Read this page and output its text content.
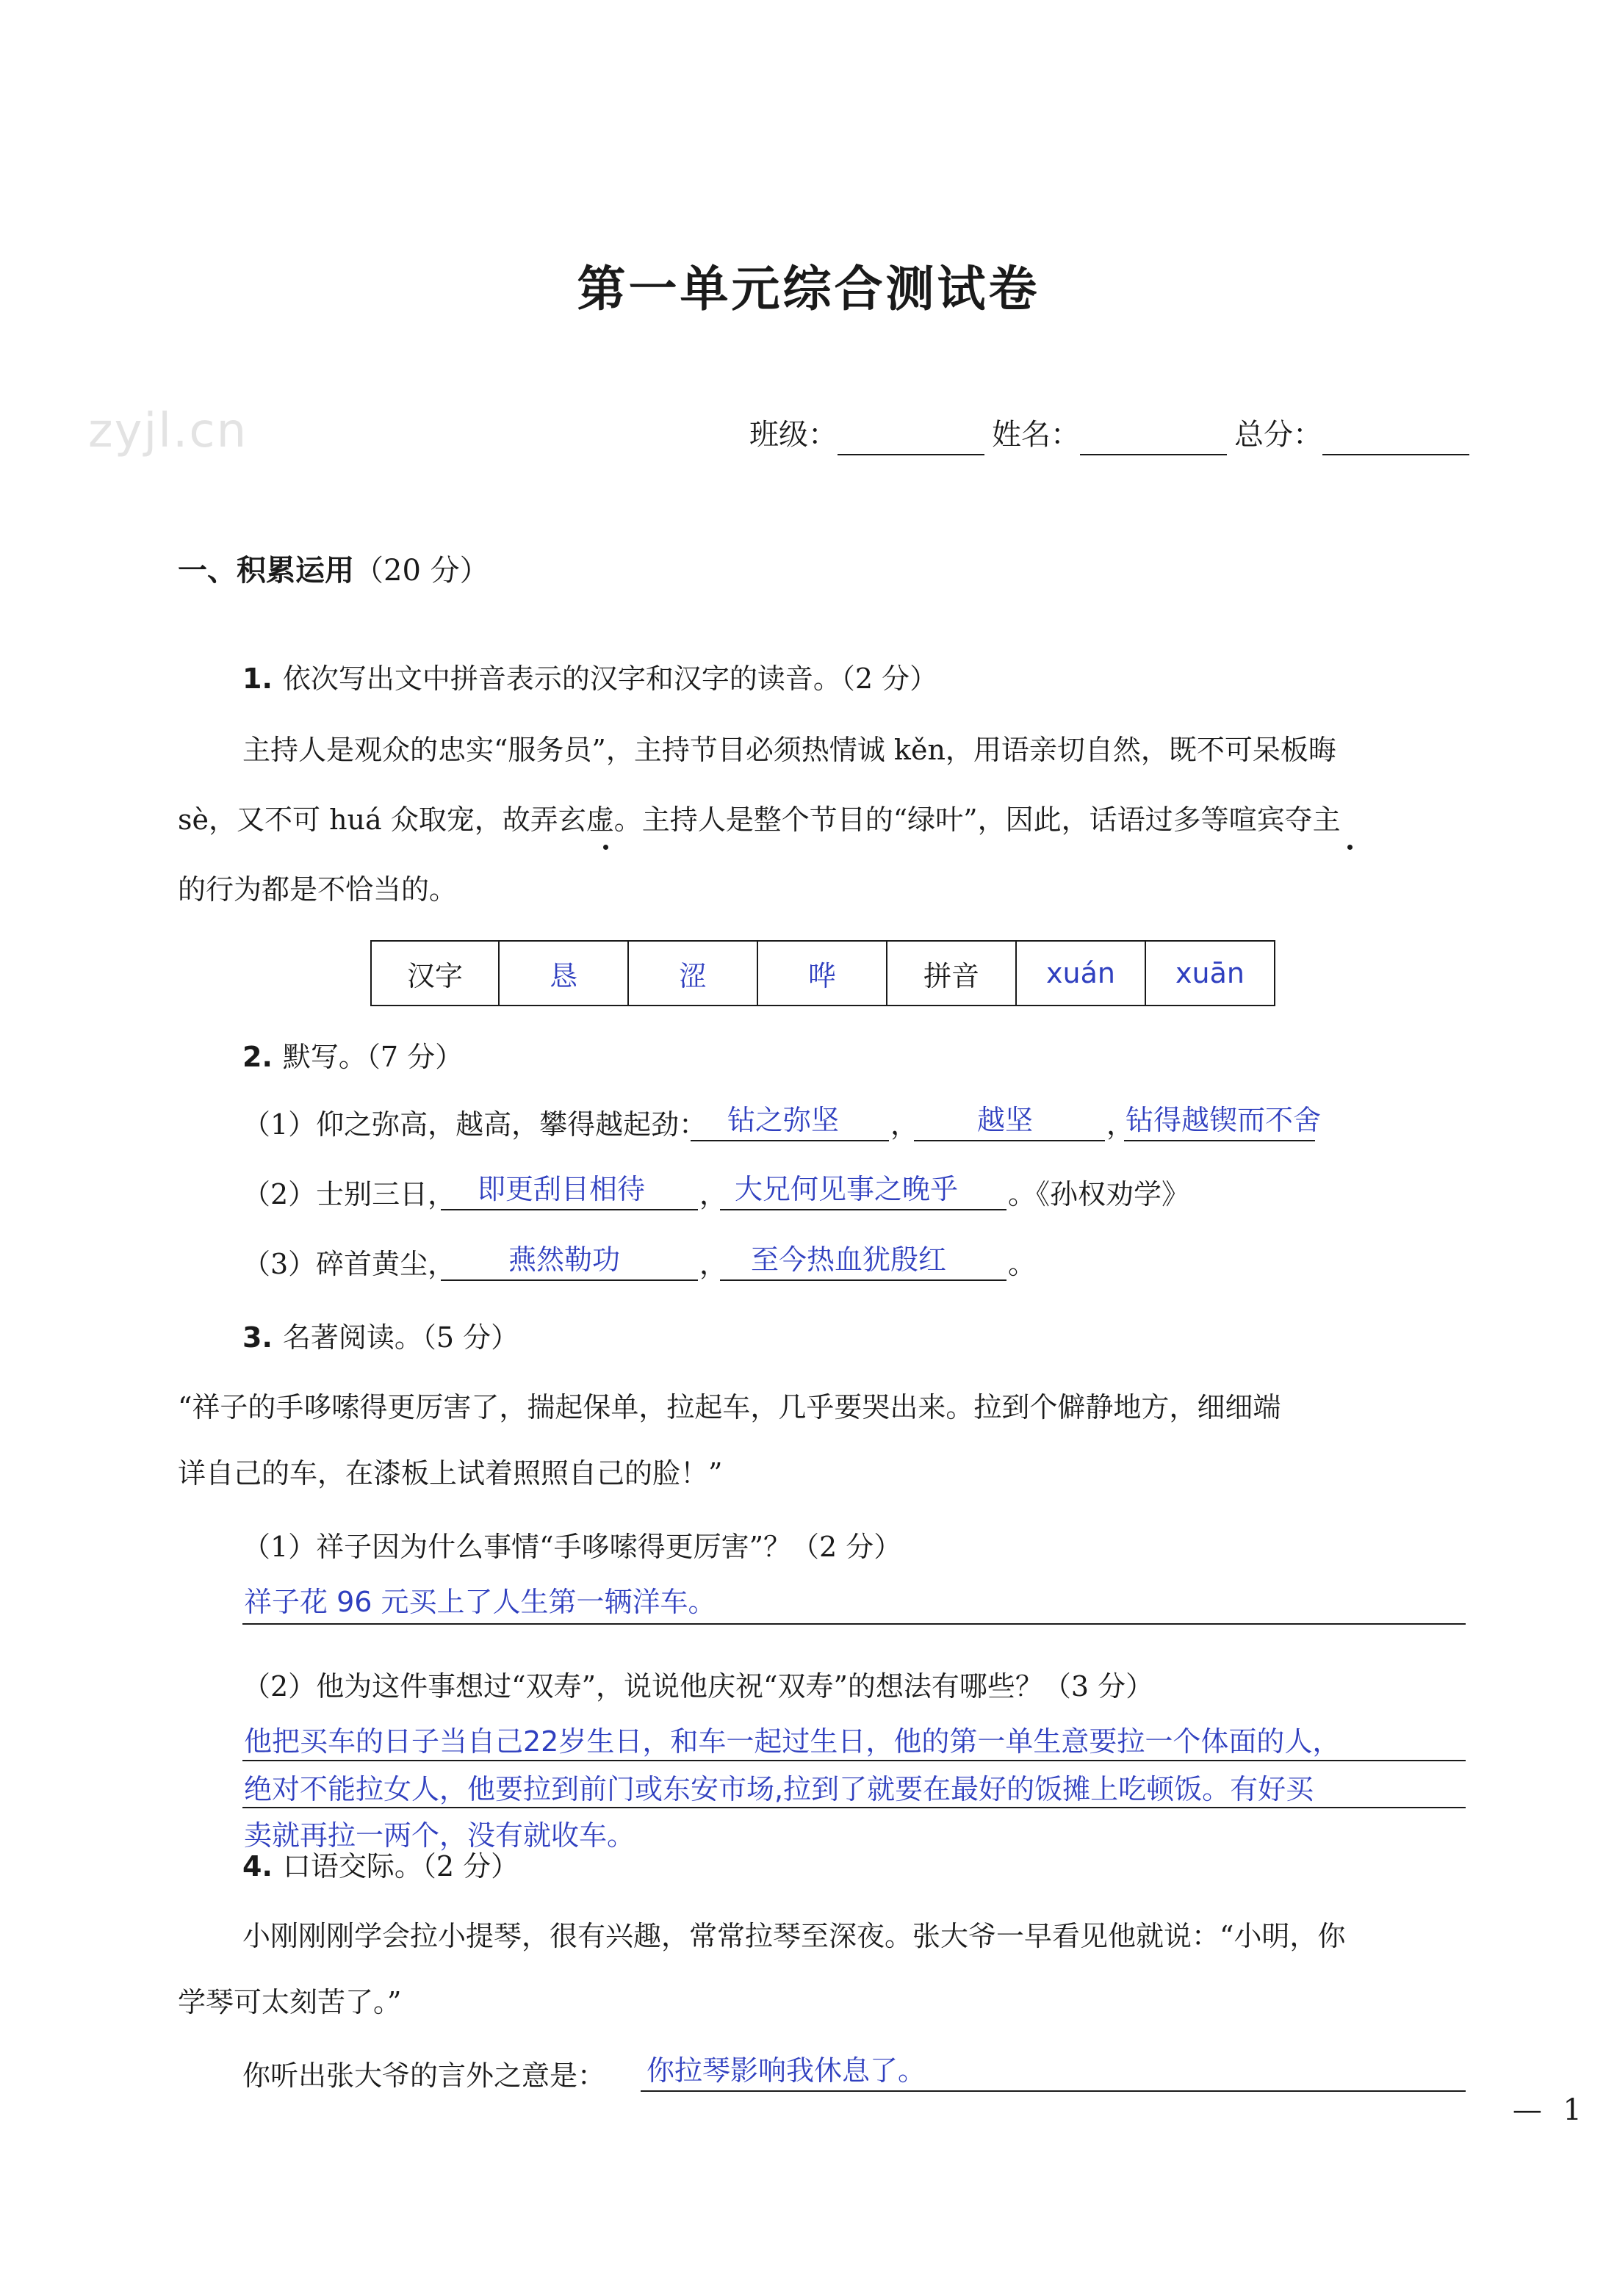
第一单元综合测试卷
zyjl.cn	班级：	姓名：	总分：
一、积累运用（20 分）
1. 依次写出文中拼音表示的汉字和汉字的读音。（2 分）
主持人是观众的忠实“服务员”，主持节目必须热情诚 kěn，用语亲切自然，既不可呆板晦
sè，又不可 huá 众取宠，故弄玄虚。主持人是整个节目的“绿叶”，因此，话语过多等喧宾夺主
的行为都是不恰当的。
汉字	恳	涩	哗	拼音	xuán	xuān
2. 默写。（7 分）
（1）仰之弥高，越高，攀得越起劲： 钻之弥坚 ， 越坚	，
钻得越锲而不舍
（2）士别三日， 即更刮目相待 ， 大兄何见事之晚乎 。《孙权劝学》
（3）碎首黄尘， 燕然勒功	， 至今热血犹殷红 。
3. 名著阅读。（5 分）
“祥子的手哆嗦得更厉害了，揣起保单，拉起车，几乎要哭出来。拉到个僻静地方，细细端
详自己的车，在漆板上试着照照自己的脸！”
（1）祥子因为什么事情“手哆嗦得更厉害”？（2 分）
祥子花 96 元买上了人生第一辆洋车。
（2）他为这件事想过“双寿”，说说他庆祝“双寿”的想法有哪些？（3 分）
他把买车的日子当自己22岁生日，和车一起过生日，他的第一单生意要拉一个体面的人，
绝对不能拉女人，他要拉到前门或东安市场,拉到了就要在最好的饭摊上吃顿饭。有好买
卖就再拉一两个，没有就收车。
4. 口语交际。（2 分）
小刚刚刚学会拉小提琴，很有兴趣，常常拉琴至深夜。张大爷一早看见他就说：“小明，你
学琴可太刻苦了。”
你听出张大爷的言外之意是： 你拉琴影响我休息了。
— 1
